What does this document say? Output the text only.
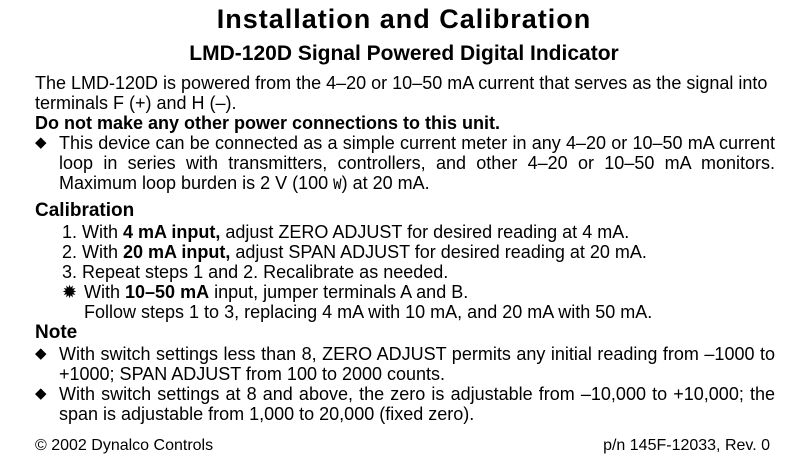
Installation and Calibration
LMD-120D Signal Powered Digital Indicator

The LMD-120D is powered from the 4–20 or 10–50 mA current that serves as the signal into terminals F (+) and H (–).

Do not make any other power connections to this unit.

◆ This device can be connected as a simple current meter in any 4–20 or 10–50 mA current loop in series with transmitters, controllers, and other 4–20 or 10–50 mA monitors. Maximum loop burden is 2 V (100 W) at 20 mA.
Calibration
1. With 4 mA input, adjust ZERO ADJUST for desired reading at 4 mA.
2. With 20 mA input, adjust SPAN ADJUST for desired reading at 20 mA.
3. Repeat steps 1 and 2. Recalibrate as needed.
✹ With 10–50 mA input, jumper terminals A and B.
Follow steps 1 to 3, replacing 4 mA with 10 mA, and 20 mA with 50 mA.
Note
◆ With switch settings less than 8, ZERO ADJUST permits any initial reading from –1000 to +1000; SPAN ADJUST from 100 to 2000 counts.
◆ With switch settings at 8 and above, the zero is adjustable from –10,000 to +10,000; the span is adjustable from 1,000 to 20,000 (fixed zero).
© 2002 Dynalco Controls	p/n 145F-12033, Rev. 0
